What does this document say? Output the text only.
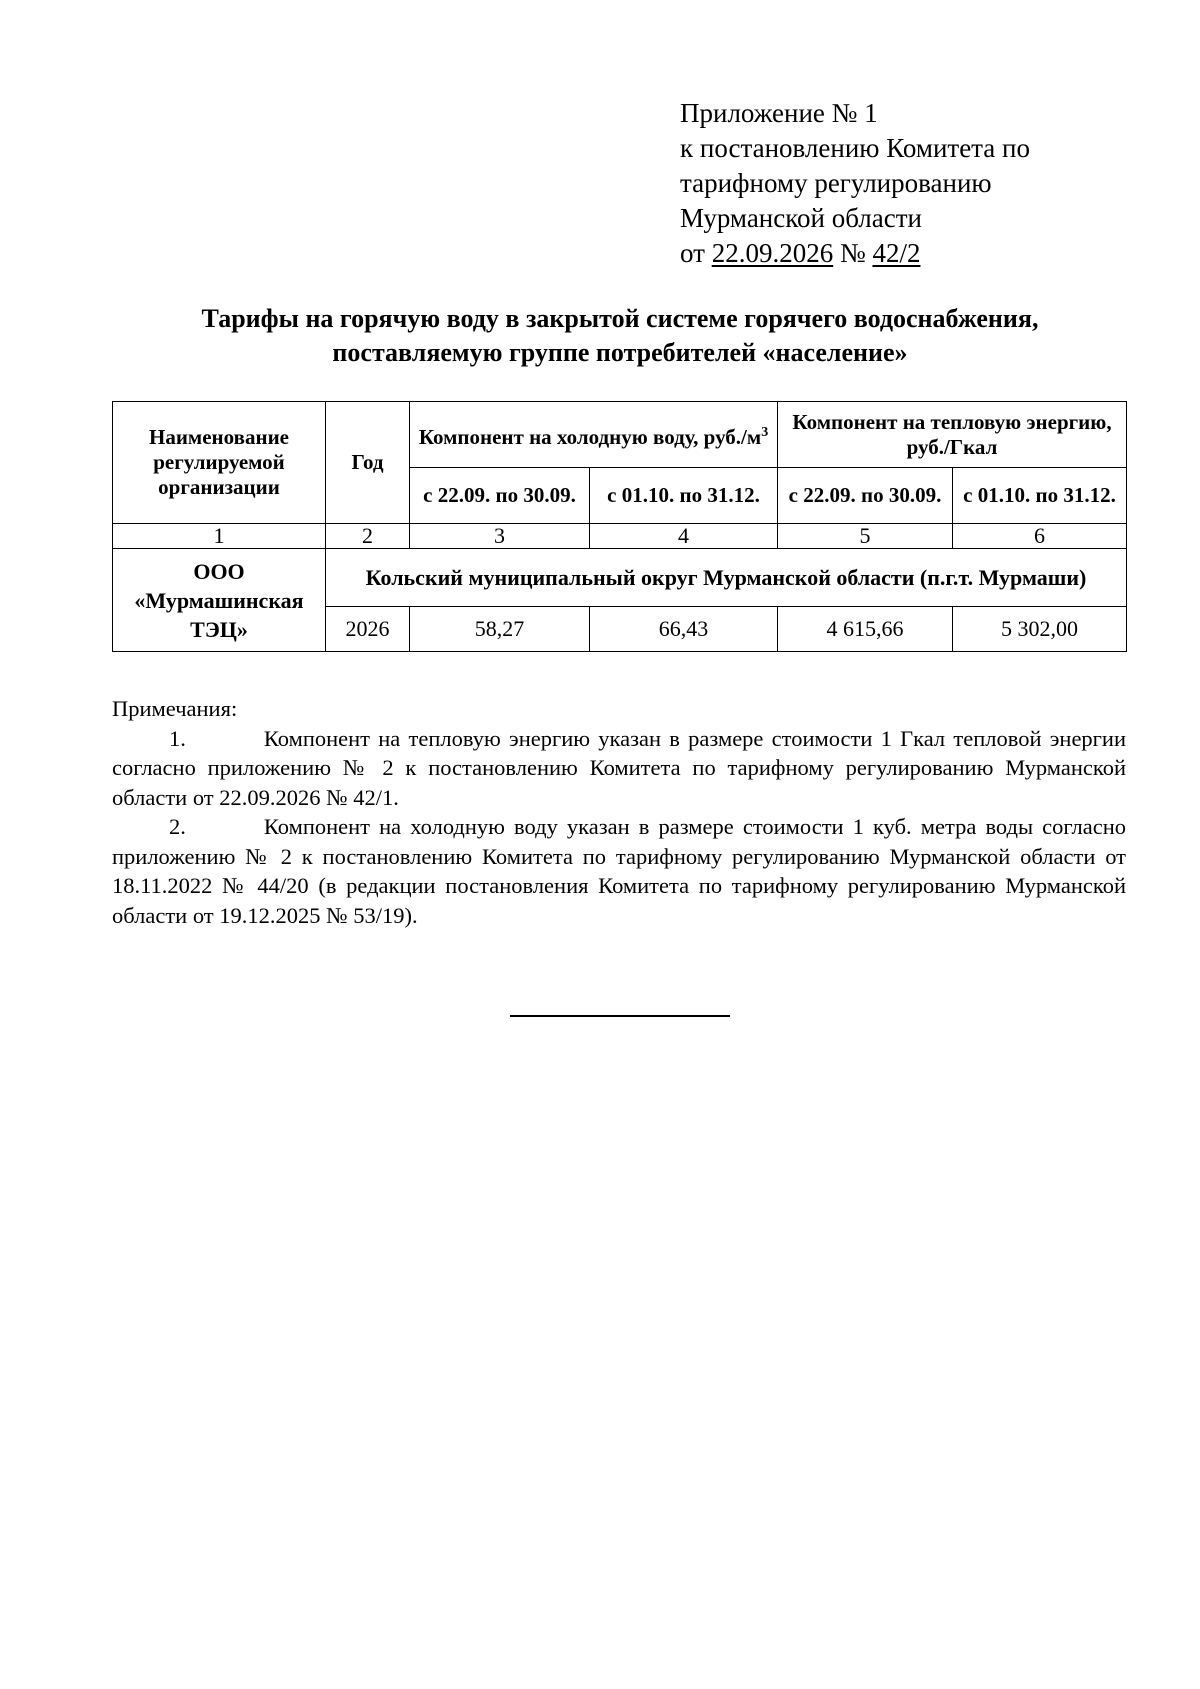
Приложение № 1
к постановлению Комитета по
тарифному регулированию
Мурманской области
от 22.09.2026 № 42/2
Тарифы на горячую воду в закрытой системе горячего водоснабжения,
поставляемую группе потребителей «население»
Наименование регулируемой организации	Год	Компонент на холодную воду, $руб./м^3$		Компонент на тепловую энергию, руб./Гкал	
		с 22.09. по 30.09.	с 01.10. по 31.12.	с 22.09. по 30.09.	с 01.10. по 31.12.
1	2	3	4	5	6
ООО «Мурмашинская ТЭЦ»	Кольский муниципальный округ Мурманской области (п.г.т. Мурмаши)				
	2026	58,27	66,43	4 615,66	5 302,00

Примечания:

1.	Компонент на тепловую энергию указан в размере стоимости 1 Гкал тепловой энергии согласно приложению № 2 к постановлению Комитета по тарифному регулированию Мурманской области от 22.09.2026 № 42/1.

2.	Компонент на холодную воду указан в размере стоимости 1 куб. метра воды согласно приложению № 2 к постановлению Комитета по тарифному регулированию Мурманской области от 18.11.2022 № 44/20 (в редакции постановления Комитета по тарифному регулированию Мурманской области от 19.12.2025 № 53/19).
